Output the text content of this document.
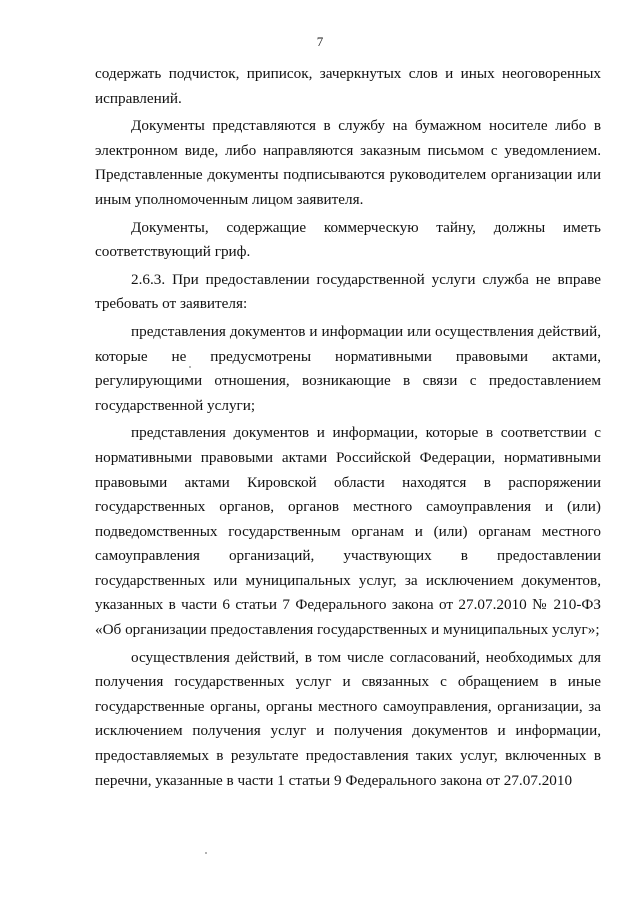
7

содержать подчисток, приписок, зачеркнутых слов и иных неоговоренных исправлений.

Документы представляются в службу на бумажном носителе либо в электронном виде, либо направляются заказным письмом с уведомлением. Представленные документы подписываются руководителем организации или иным уполномоченным лицом заявителя.

Документы, содержащие коммерческую тайну, должны иметь соответствующий гриф.

2.6.3. При предоставлении государственной услуги служба не вправе требовать от заявителя:

представления документов и информации или осуществления действий, которые не предусмотрены нормативными правовыми актами, регулирующими отношения, возникающие в связи с предоставлением государственной услуги;

представления документов и информации, которые в соответствии с нормативными правовыми актами Российской Федерации, нормативными правовыми актами Кировской области находятся в распоряжении государственных органов, органов местного самоуправления и (или) подведомственных государственным органам и (или) органам местного самоуправления организаций, участвующих в предоставлении государственных или муниципальных услуг, за исключением документов, указанных в части 6 статьи 7 Федерального закона от 27.07.2010 № 210-ФЗ «Об организации предоставления государственных и муниципальных услуг»;

осуществления действий, в том числе согласований, необходимых для получения государственных услуг и связанных с обращением в иные государственные органы, органы местного самоуправления, организации, за исключением получения услуг и получения документов и информации, предоставляемых в результате предоставления таких услуг, включенных в перечни, указанные в части 1 статьи 9 Федерального закона от 27.07.2010
